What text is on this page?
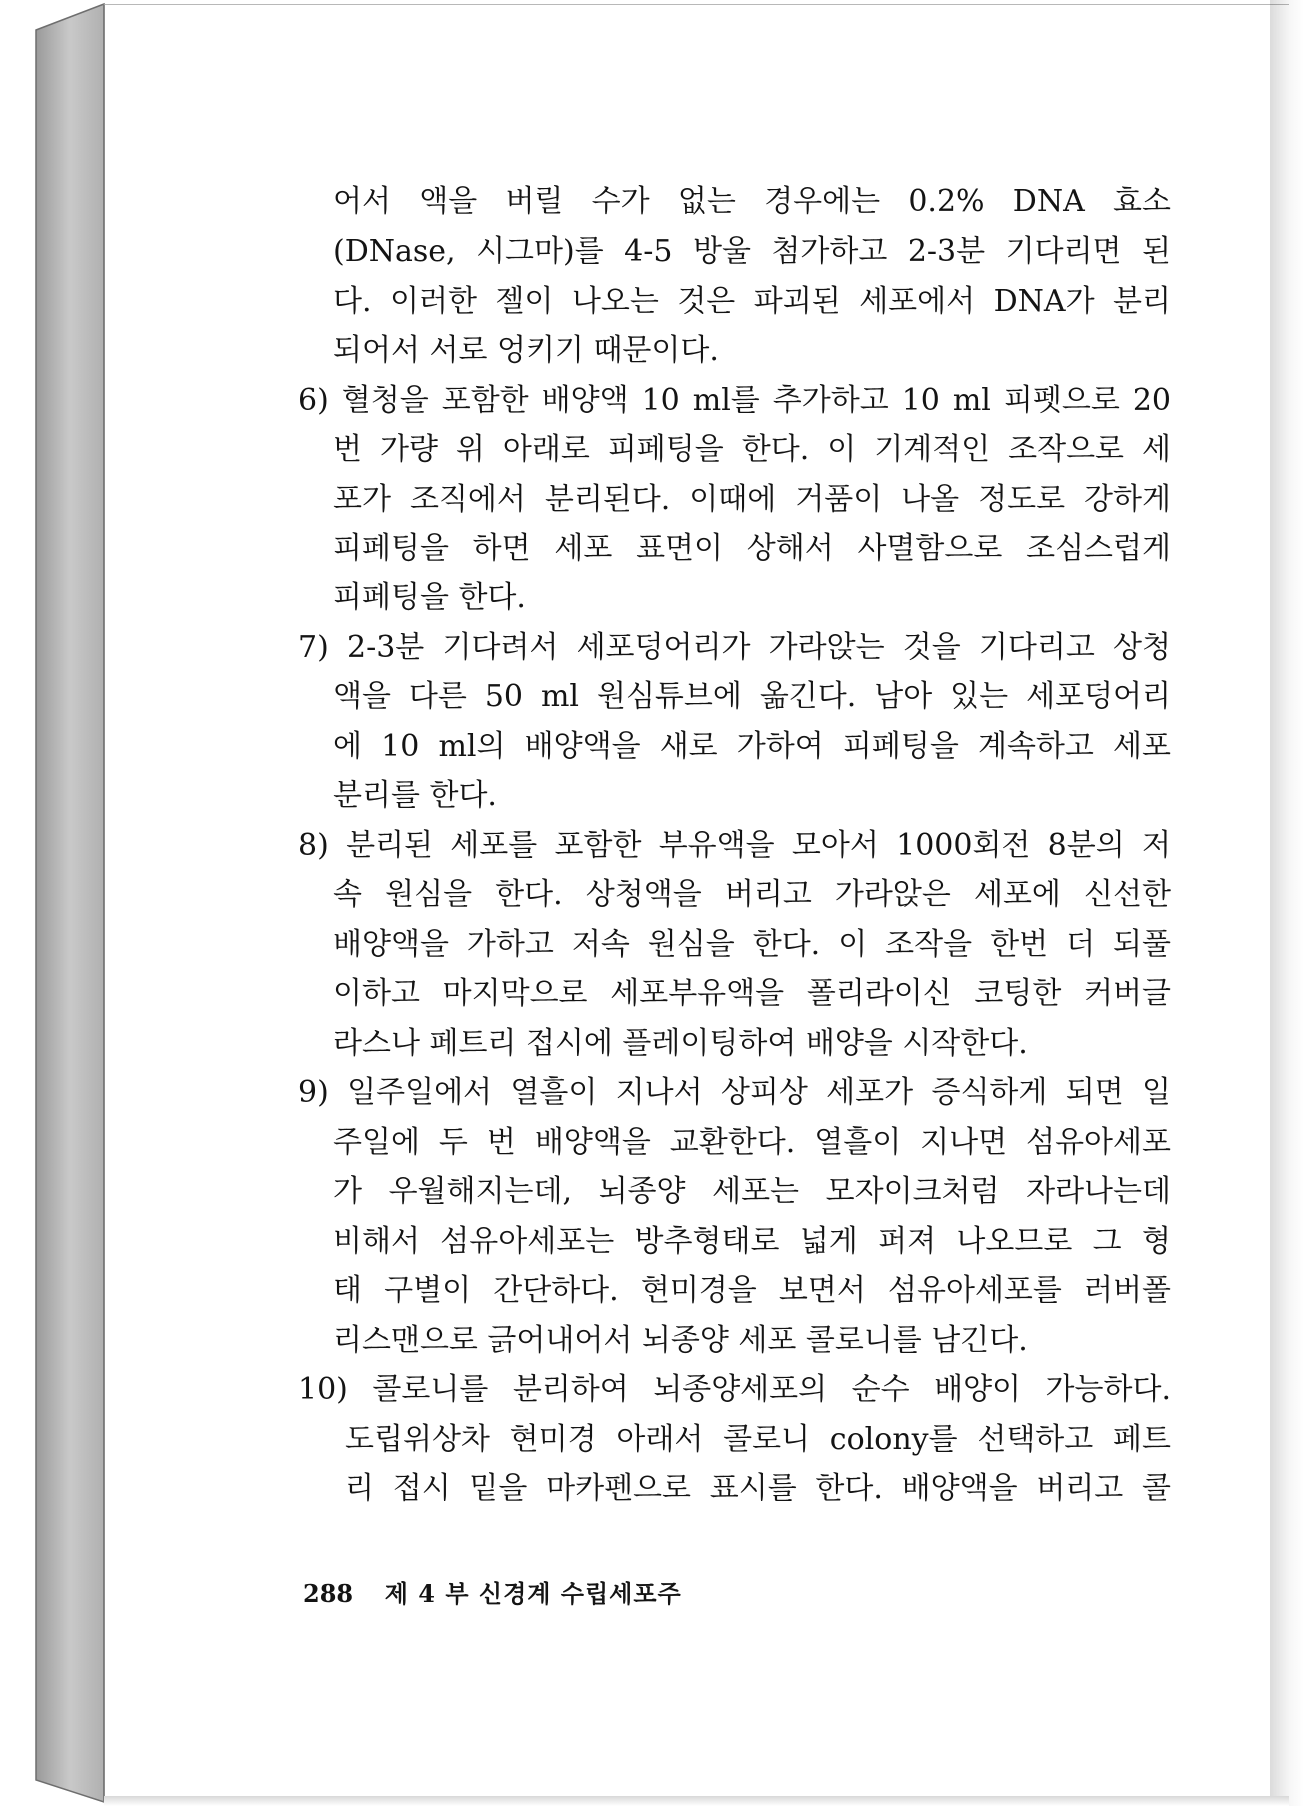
어서 액을 버릴 수가 없는 경우에는 0.2% DNA 효소
(DNase, 시그마)를 4-5 방울 첨가하고 2-3분 기다리면 된
다. 이러한 젤이 나오는 것은 파괴된 세포에서 DNA가 분리
되어서 서로 엉키기 때문이다.
6) 혈청을 포함한 배양액 10 ml를 추가하고 10 ml 피펫으로 20
번 가량 위 아래로 피페팅을 한다. 이 기계적인 조작으로 세
포가 조직에서 분리된다. 이때에 거품이 나올 정도로 강하게
피페팅을 하면 세포 표면이 상해서 사멸함으로 조심스럽게
피페팅을 한다.
7) 2-3분 기다려서 세포덩어리가 가라앉는 것을 기다리고 상청
액을 다른 50 ml 원심튜브에 옮긴다. 남아 있는 세포덩어리
에 10 ml의 배양액을 새로 가하여 피페팅을 계속하고 세포
분리를 한다.
8) 분리된 세포를 포함한 부유액을 모아서 1000회전 8분의 저
속 원심을 한다. 상청액을 버리고 가라앉은 세포에 신선한
배양액을 가하고 저속 원심을 한다. 이 조작을 한번 더 되풀
이하고 마지막으로 세포부유액을 폴리라이신 코팅한 커버글
라스나 페트리 접시에 플레이팅하여 배양을 시작한다.
9) 일주일에서 열흘이 지나서 상피상 세포가 증식하게 되면 일
주일에 두 번 배양액을 교환한다. 열흘이 지나면 섬유아세포
가 우월해지는데, 뇌종양 세포는 모자이크처럼 자라나는데
비해서 섬유아세포는 방추형태로 넓게 퍼져 나오므로 그 형
태 구별이 간단하다. 현미경을 보면서 섬유아세포를 러버폴
리스맨으로 긁어내어서 뇌종양 세포 콜로니를 남긴다.
10) 콜로니를 분리하여 뇌종양세포의 순수 배양이 가능하다.
도립위상차 현미경 아래서 콜로니 colony를 선택하고 페트
리 접시 밑을 마카펜으로 표시를 한다. 배양액을 버리고 콜
288 제 4 부 신경계 수립세포주
